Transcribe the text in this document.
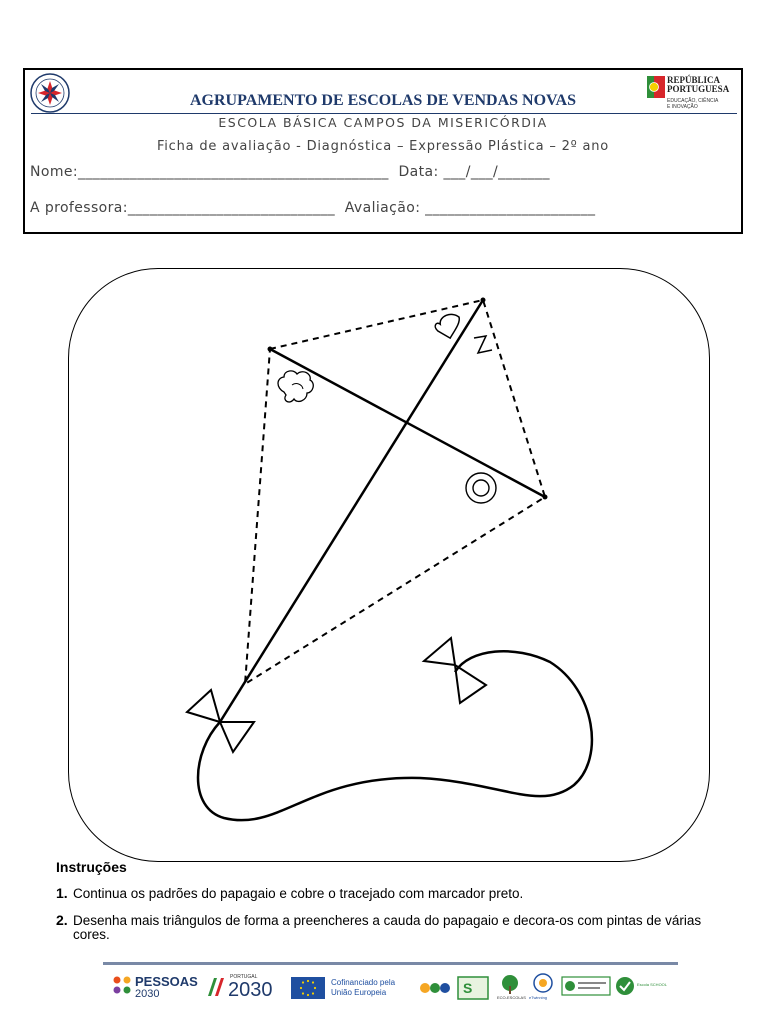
REPÚBLICA
PORTUGUESA
EDUCAÇÃO, CIÊNCIA
E INOVAÇÃO
AGRUPAMENTO DE ESCOLAS DE VENDAS NOVAS
ESCOLA BÁSICA CAMPOS DA MISERICÓRDIA
Ficha de avaliação - Diagnóstica – Expressão Plástica – 2º ano
Nome:__________________________________________  Data: ___/___/_______
A professora:____________________________  Avaliação: _______________________
Instruções
1. Continua os padrões do papagaio e cobre o tracejado com marcador preto.
2. Desenha mais triângulos de forma a preencheres a cauda do papagaio e decora-os com pintas de várias cores.
PESSOAS
2030
PORTUGAL
2030	Cofinanciado pela
União Europeia	S
ECO-ESCOLAS eTwinning
Escola SCHOOL
